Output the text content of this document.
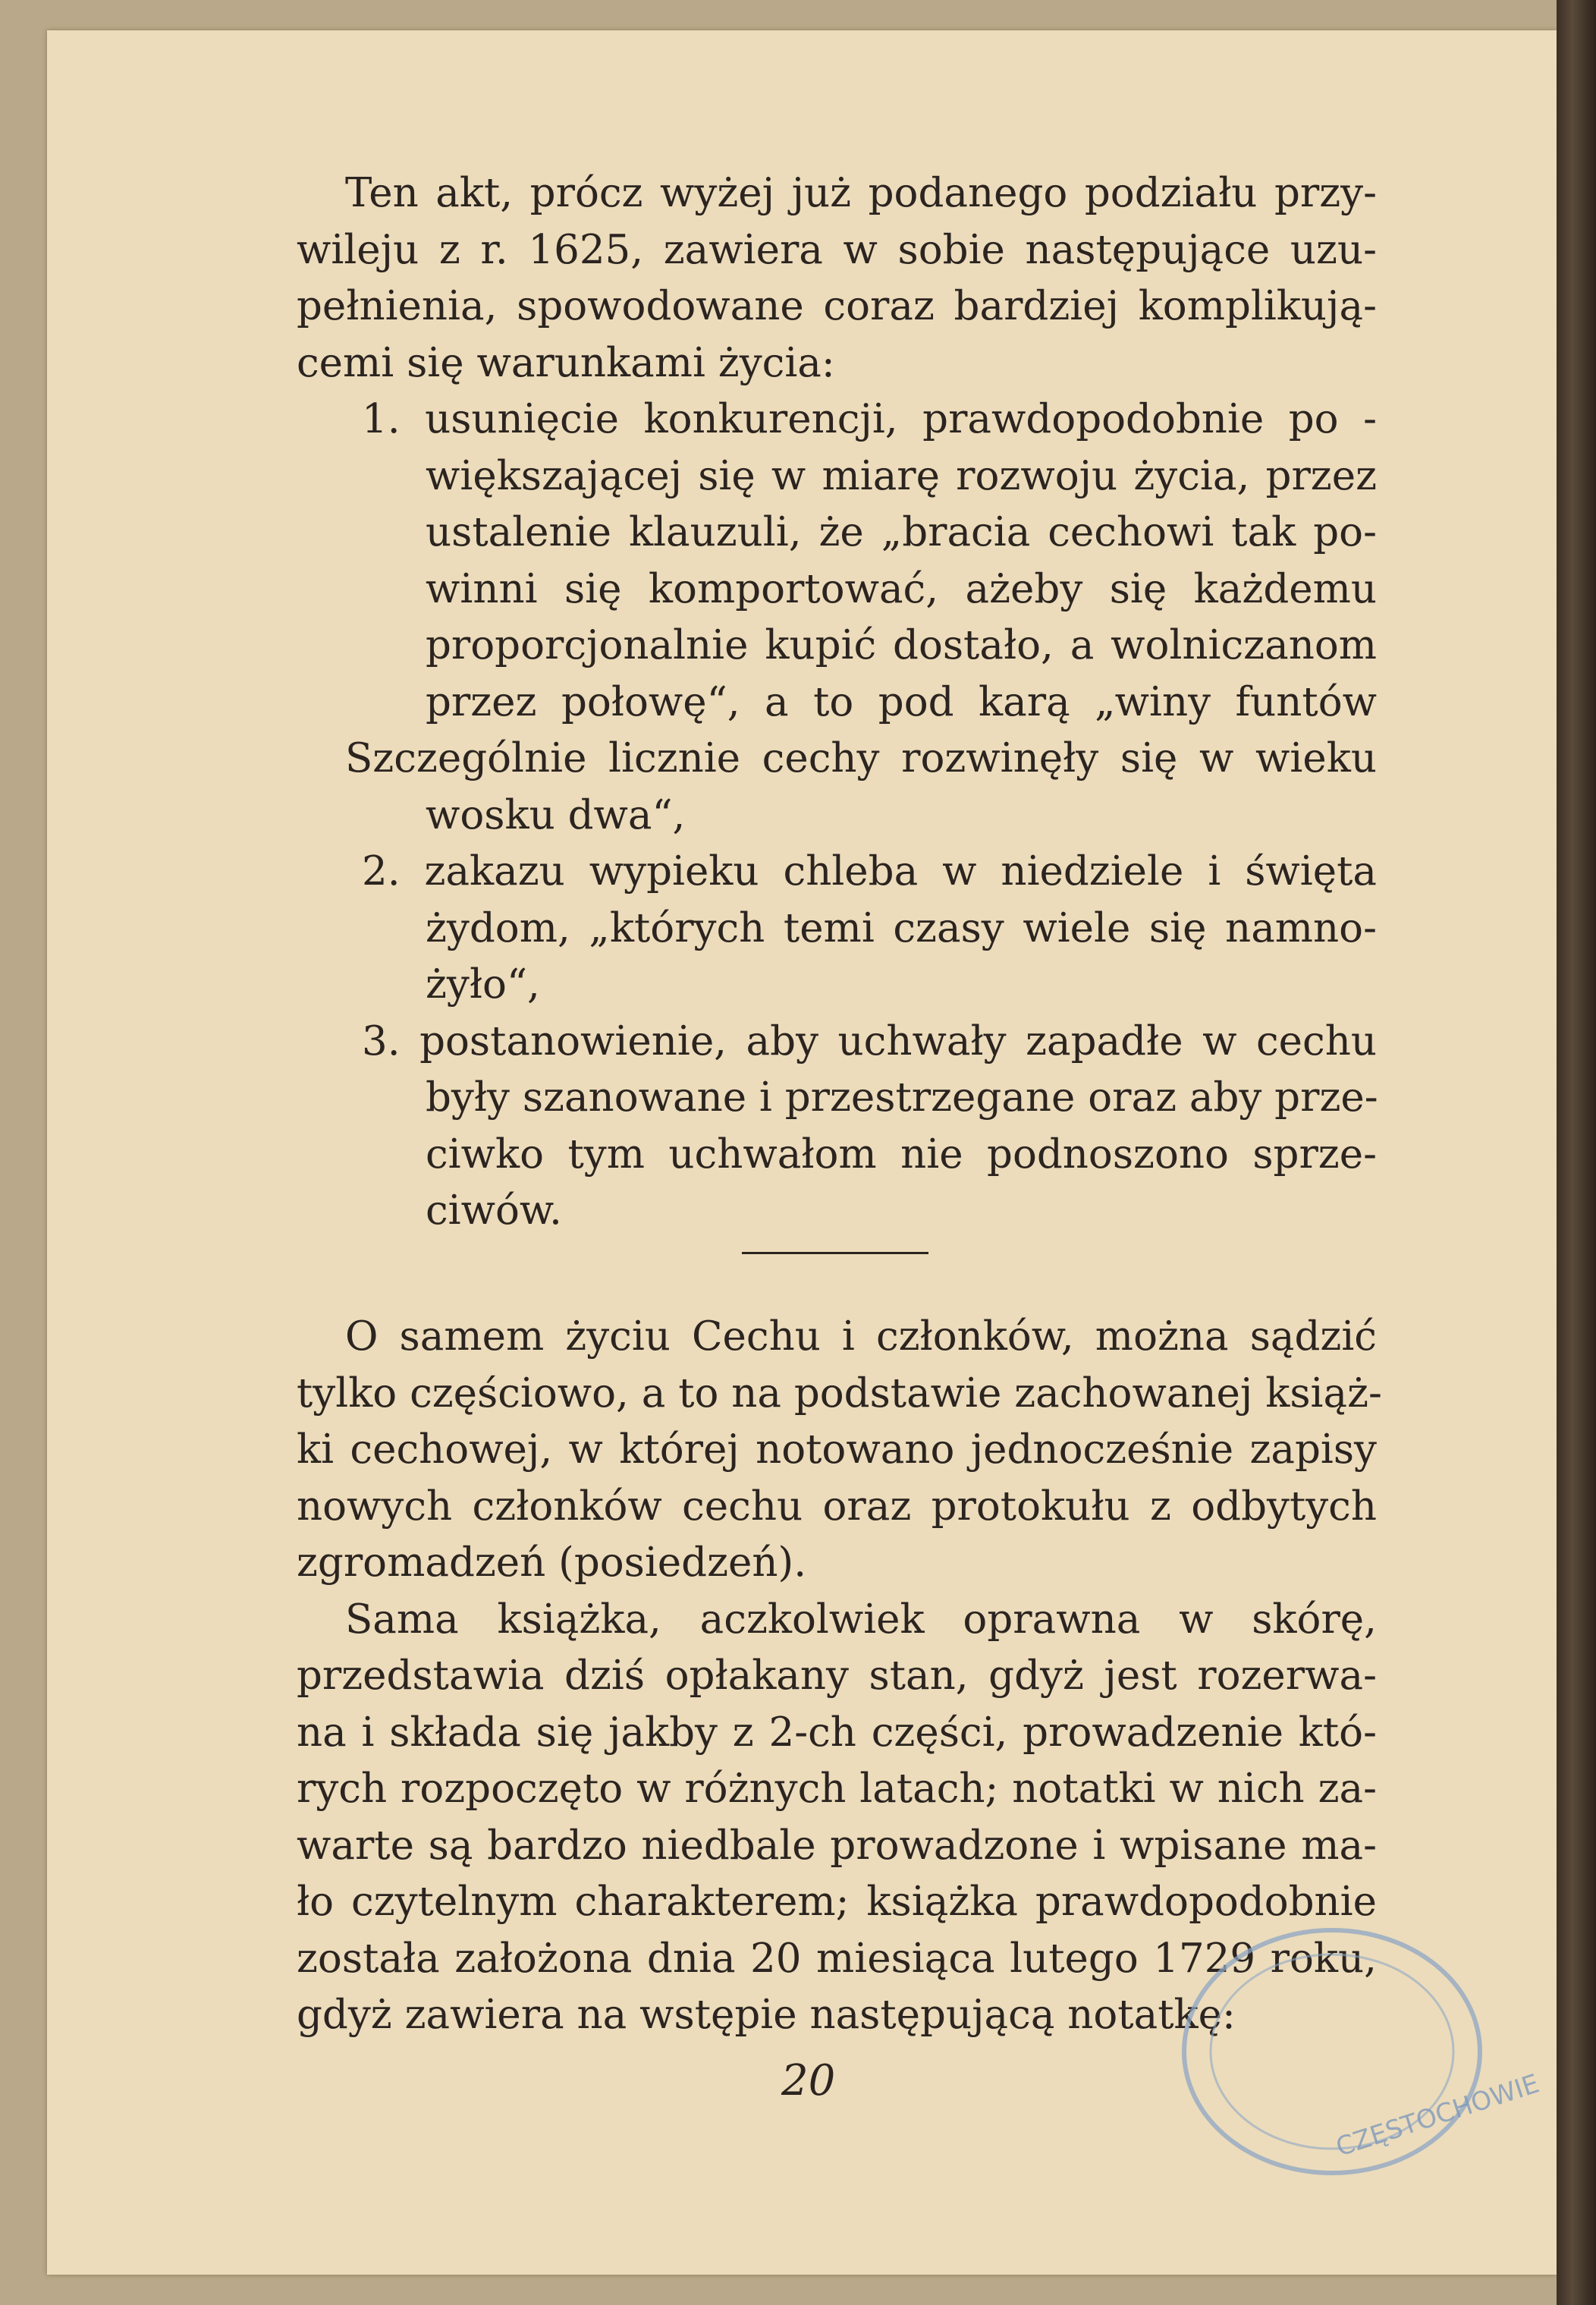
Ten akt, prócz wyżej już podanego podziału przy-
wileju z r. 1625, zawiera w sobie następujące uzu-
pełnienia, spowodowane coraz bardziej komplikują-
cemi się warunkami życia:
1. usunięcie konkurencji, prawdopodobnie po -
większającej się w miarę rozwoju życia, przez
ustalenie klauzuli, że „bracia cechowi tak po-
winni się komportować, ażeby się każdemu
proporcjonalnie kupić dostało, a wolniczanom
przez połowę“, a to pod karą „winy funtów
Szczególnie licznie cechy rozwinęły się w wieku
wosku dwa“,
2. zakazu wypieku chleba w niedziele i święta
żydom, „których temi czasy wiele się namno-
żyło“,
3. postanowienie, aby uchwały zapadłe w cechu
były szanowane i przestrzegane oraz aby prze-
ciwko tym uchwałom nie podnoszono sprze-
ciwów.
O samem życiu Cechu i członków, można sądzić
tylko częściowo, a to na podstawie zachowanej książ-
ki cechowej, w której notowano jednocześnie zapisy
nowych członków cechu oraz protokułu z odbytych
zgromadzeń (posiedzeń).
Sama książka, aczkolwiek oprawna w skórę,
przedstawia dziś opłakany stan, gdyż jest rozerwa-
na i składa się jakby z 2-ch części, prowadzenie któ-
rych rozpoczęto w różnych latach; notatki w nich za-
warte są bardzo niedbale prowadzone i wpisane ma-
ło czytelnym charakterem; książka prawdopodobnie
została założona dnia 20 miesiąca lutego 1729 roku,
gdyż zawiera na wstępie następującą notatkę:
20	CZĘSTOCHOWIE
